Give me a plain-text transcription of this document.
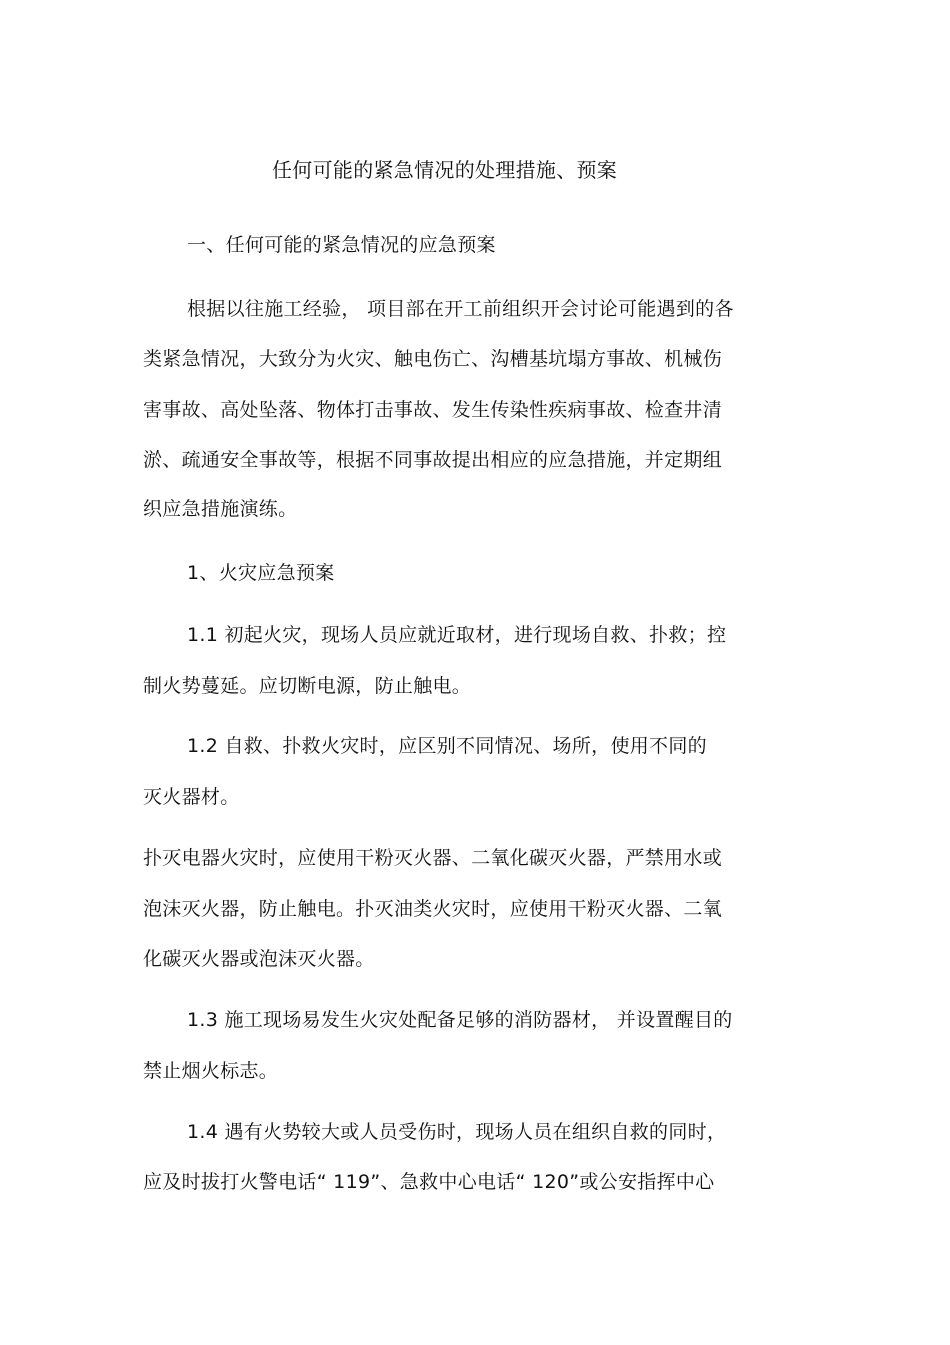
任何可能的紧急情况的处理措施、预案
一、任何可能的紧急情况的应急预案
根据以往施工经验， 项目部在开工前组织开会讨论可能遇到的各
类紧急情况，大致分为火灾、触电伤亡、沟槽基坑塌方事故、机械伤
害事故、高处坠落、物体打击事故、发生传染性疾病事故、检查井清
淤、疏通安全事故等，根据不同事故提出相应的应急措施，并定期组
织应急措施演练。
1、火灾应急预案
1.1 初起火灾，现场人员应就近取材，进行现场自救、扑救；控
制火势蔓延。应切断电源，防止触电。
1.2 自救、扑救火灾时，应区别不同情况、场所，使用不同的
灭火器材。
扑灭电器火灾时，应使用干粉灭火器、二氧化碳灭火器，严禁用水或
泡沫灭火器，防止触电。扑灭油类火灾时，应使用干粉灭火器、二氧
化碳灭火器或泡沫灭火器。
1.3 施工现场易发生火灾处配备足够的消防器材， 并设置醒目的
禁止烟火标志。
1.4 遇有火势较大或人员受伤时，现场人员在组织自救的同时，
应及时拔打火警电话“ 119”、急救中心电话“ 120”或公安指挥中心
